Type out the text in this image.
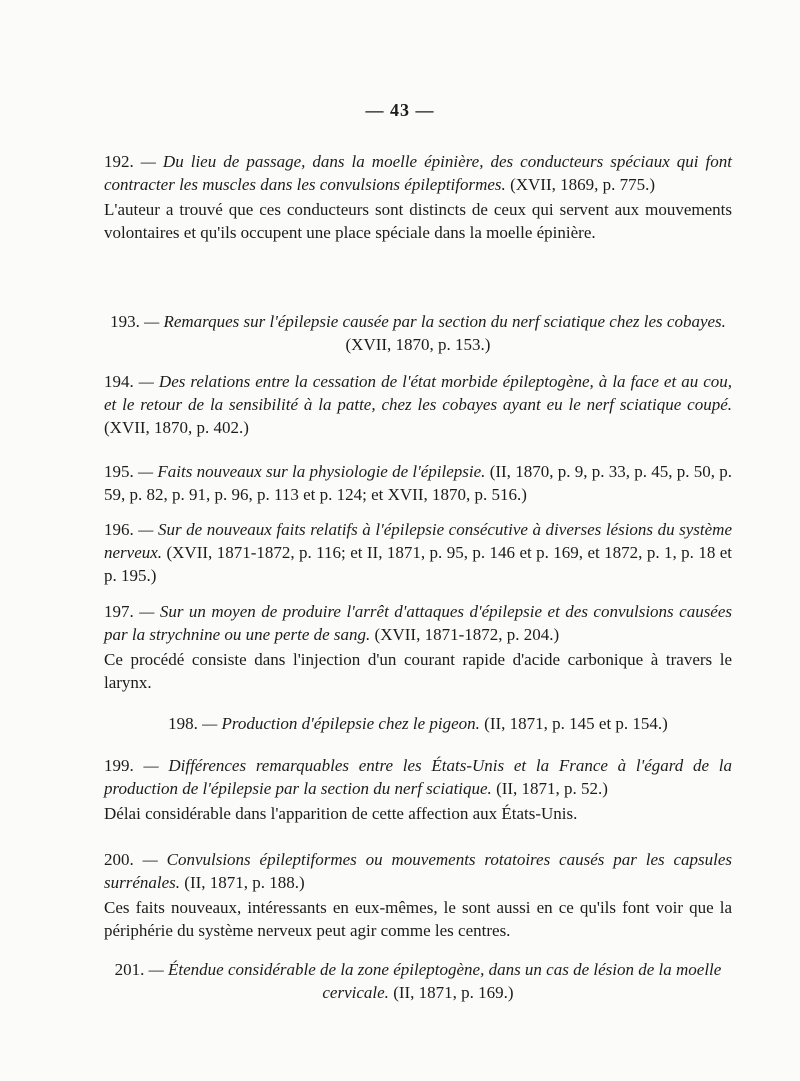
— 43 —

192. — Du lieu de passage, dans la moelle épinière, des conducteurs spéciaux qui font contracter les muscles dans les convulsions épileptiformes. (XVII, 1869, p. 775.)

L'auteur a trouvé que ces conducteurs sont distincts de ceux qui servent aux mouvements volontaires et qu'ils occupent une place spéciale dans la moelle épinière.

193. — Remarques sur l'épilepsie causée par la section du nerf sciatique chez les cobayes. (XVII, 1870, p. 153.)

194. — Des relations entre la cessation de l'état morbide épileptogène, à la face et au cou, et le retour de la sensibilité à la patte, chez les cobayes ayant eu le nerf sciatique coupé. (XVII, 1870, p. 402.)

195. — Faits nouveaux sur la physiologie de l'épilepsie. (II, 1870, p. 9, p. 33, p. 45, p. 50, p. 59, p. 82, p. 91, p. 96, p. 113 et p. 124; et XVII, 1870, p. 516.)

196. — Sur de nouveaux faits relatifs à l'épilepsie consécutive à diverses lésions du système nerveux. (XVII, 1871-1872, p. 116; et II, 1871, p. 95, p. 146 et p. 169, et 1872, p. 1, p. 18 et p. 195.)

197. — Sur un moyen de produire l'arrêt d'attaques d'épilepsie et des convulsions causées par la strychnine ou une perte de sang. (XVII, 1871-1872, p. 204.)

Ce procédé consiste dans l'injection d'un courant rapide d'acide carbonique à travers le larynx.

198. — Production d'épilepsie chez le pigeon. (II, 1871, p. 145 et p. 154.)

199. — Différences remarquables entre les États-Unis et la France à l'égard de la production de l'épilepsie par la section du nerf sciatique. (II, 1871, p. 52.)

Délai considérable dans l'apparition de cette affection aux États-Unis.

200. — Convulsions épileptiformes ou mouvements rotatoires causés par les capsules surrénales. (II, 1871, p. 188.)

Ces faits nouveaux, intéressants en eux-mêmes, le sont aussi en ce qu'ils font voir que la périphérie du système nerveux peut agir comme les centres.

201. — Étendue considérable de la zone épileptogène, dans un cas de lésion de la moelle cervicale. (II, 1871, p. 169.)
